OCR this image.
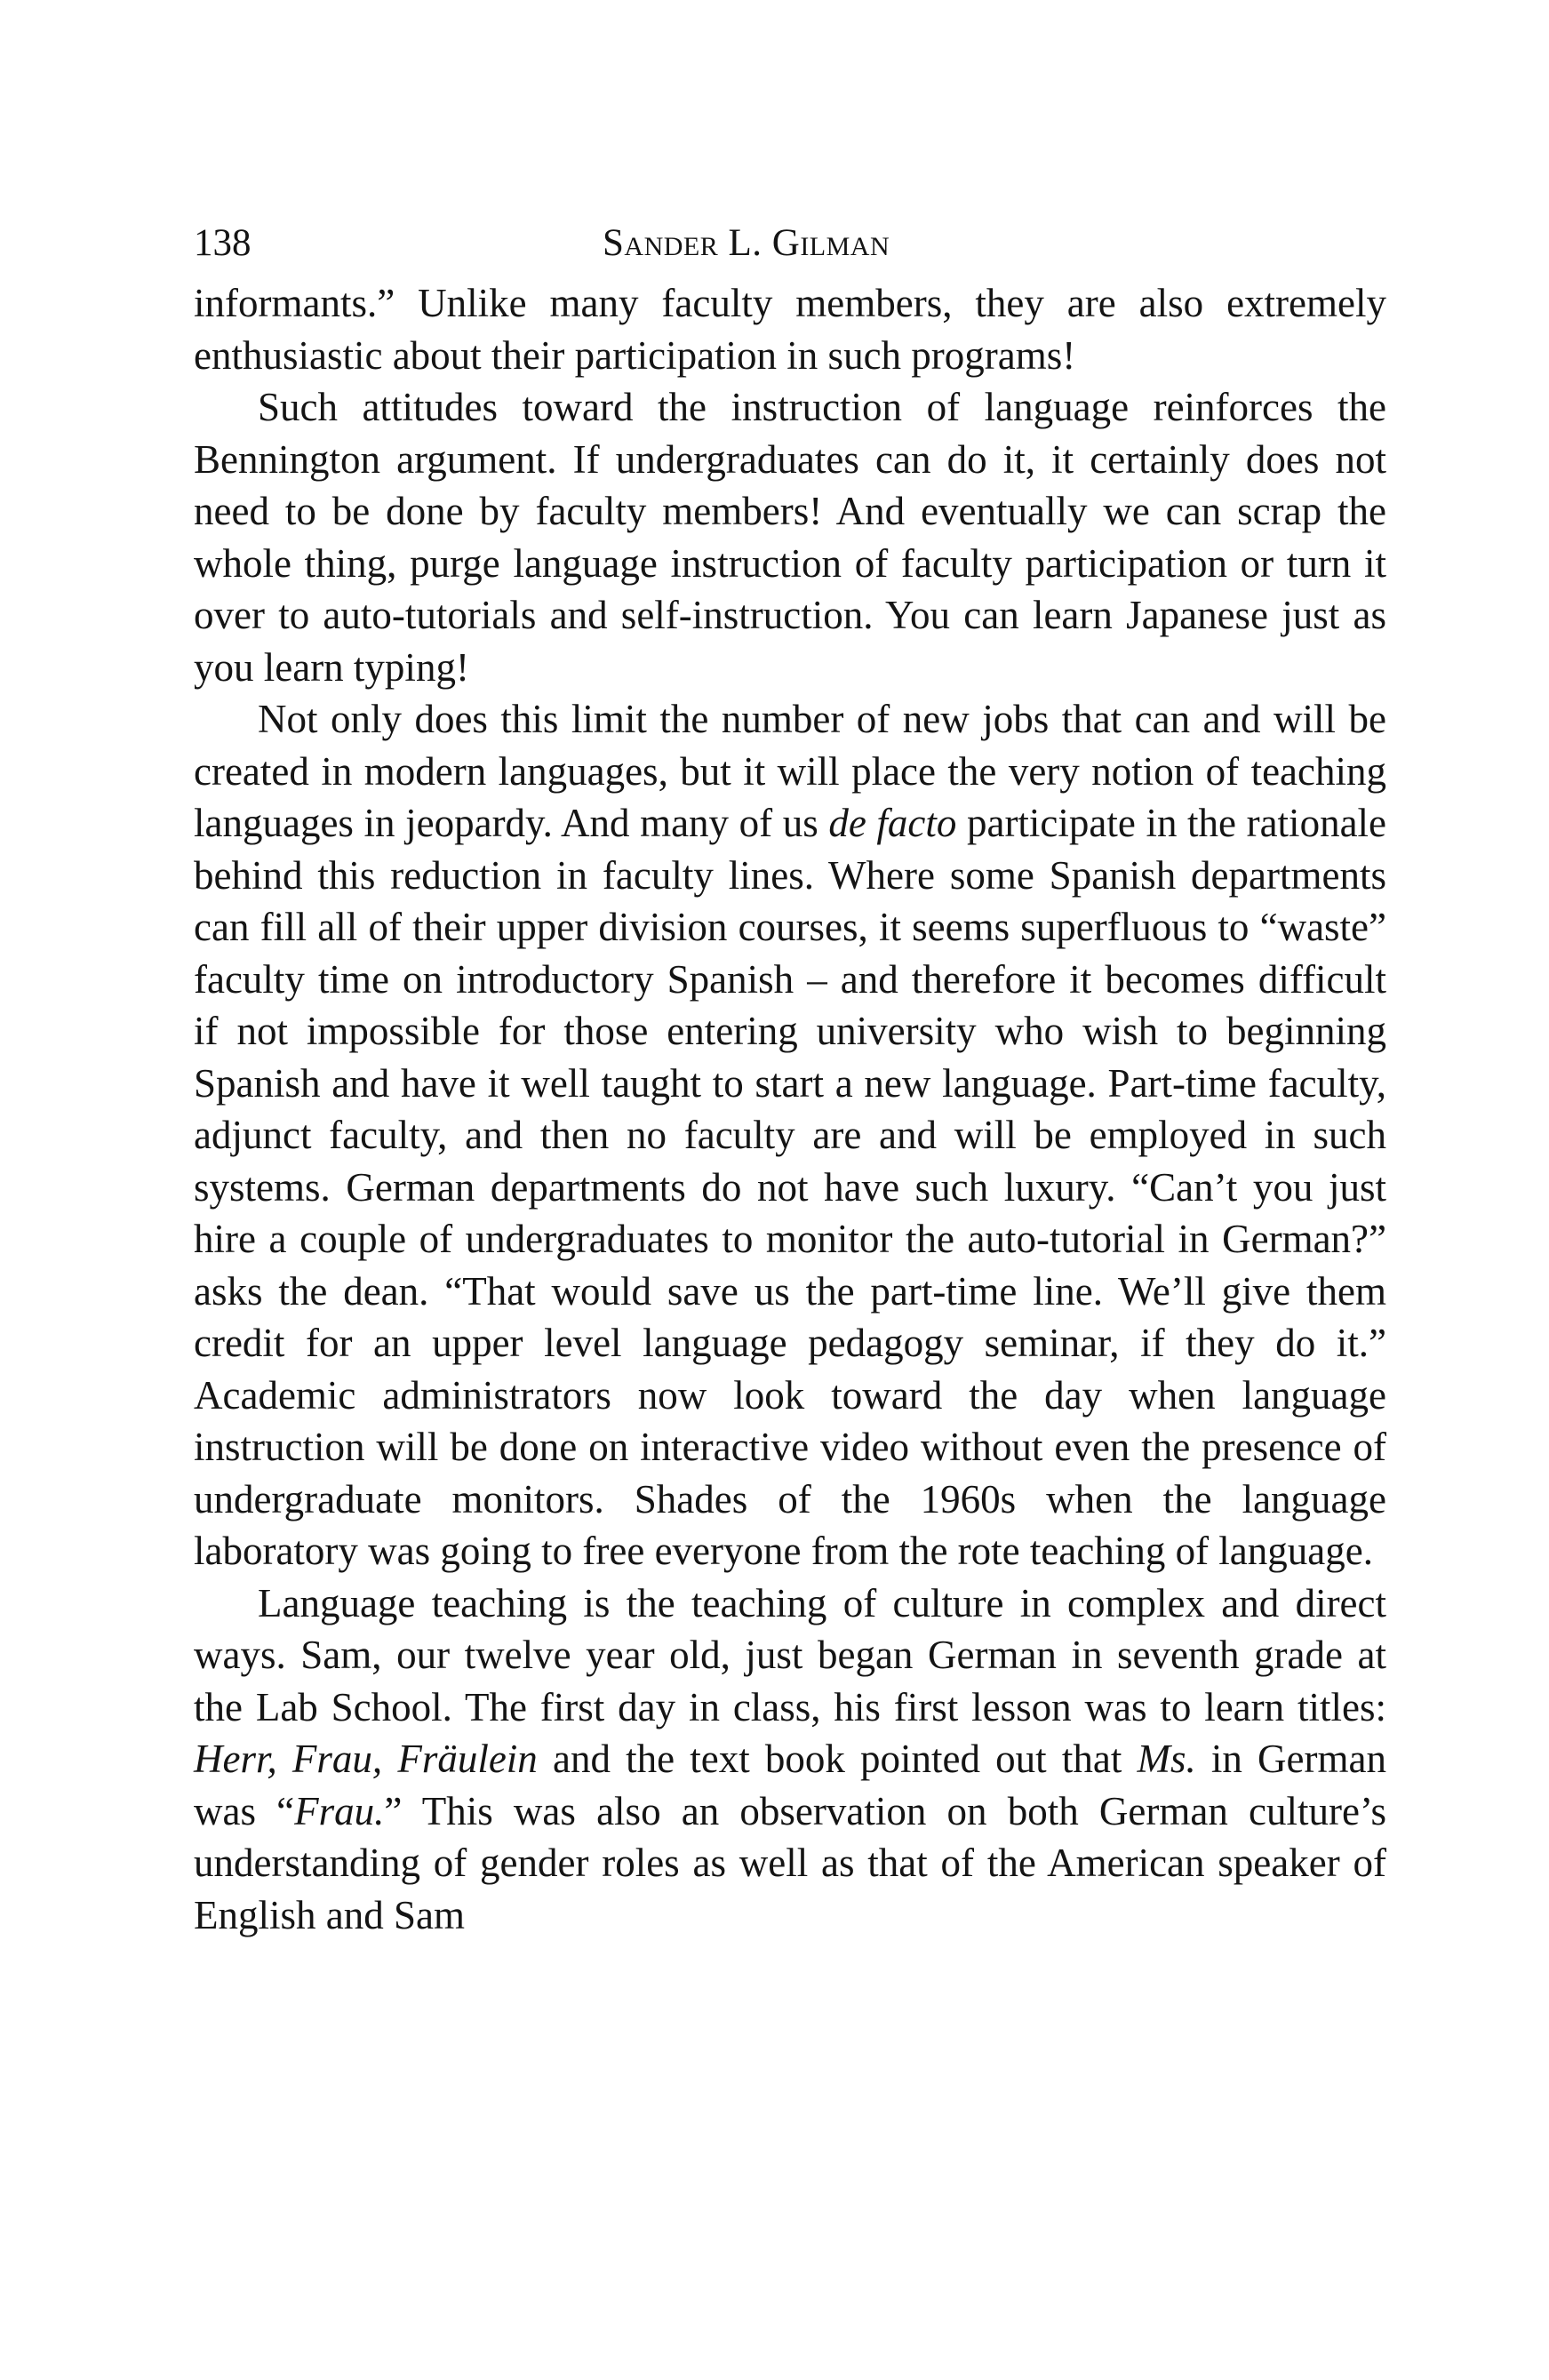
138	Sander L. Gilman

informants.” Unlike many faculty members, they are also extremely enthusiastic about their participation in such programs!

Such attitudes toward the instruction of language reinforces the Bennington argument. If undergraduates can do it, it certainly does not need to be done by faculty members! And eventually we can scrap the whole thing, purge language instruction of faculty participation or turn it over to auto-tutorials and self-instruction. You can learn Japanese just as you learn typing!

Not only does this limit the number of new jobs that can and will be created in modern languages, but it will place the very notion of teaching languages in jeopardy. And many of us de facto participate in the rationale behind this reduction in faculty lines. Where some Spanish departments can fill all of their upper division courses, it seems superfluous to “waste” faculty time on introductory Spanish – and therefore it becomes difficult if not impossible for those entering university who wish to beginning Spanish and have it well taught to start a new language. Part-time faculty, adjunct faculty, and then no faculty are and will be employed in such systems. German departments do not have such luxury. “Can’t you just hire a couple of undergraduates to monitor the auto-tutorial in German?” asks the dean. “That would save us the part-time line. We’ll give them credit for an upper level language pedagogy seminar, if they do it.” Academic administrators now look toward the day when language instruction will be done on interactive video without even the presence of undergraduate monitors. Shades of the 1960s when the language laboratory was going to free everyone from the rote teaching of language.

Language teaching is the teaching of culture in complex and direct ways. Sam, our twelve year old, just began German in seventh grade at the Lab School. The first day in class, his first lesson was to learn titles: Herr, Frau, Fräulein and the text book pointed out that Ms. in German was “Frau.” This was also an observation on both German culture’s understanding of gender roles as well as that of the American speaker of English and Sam
